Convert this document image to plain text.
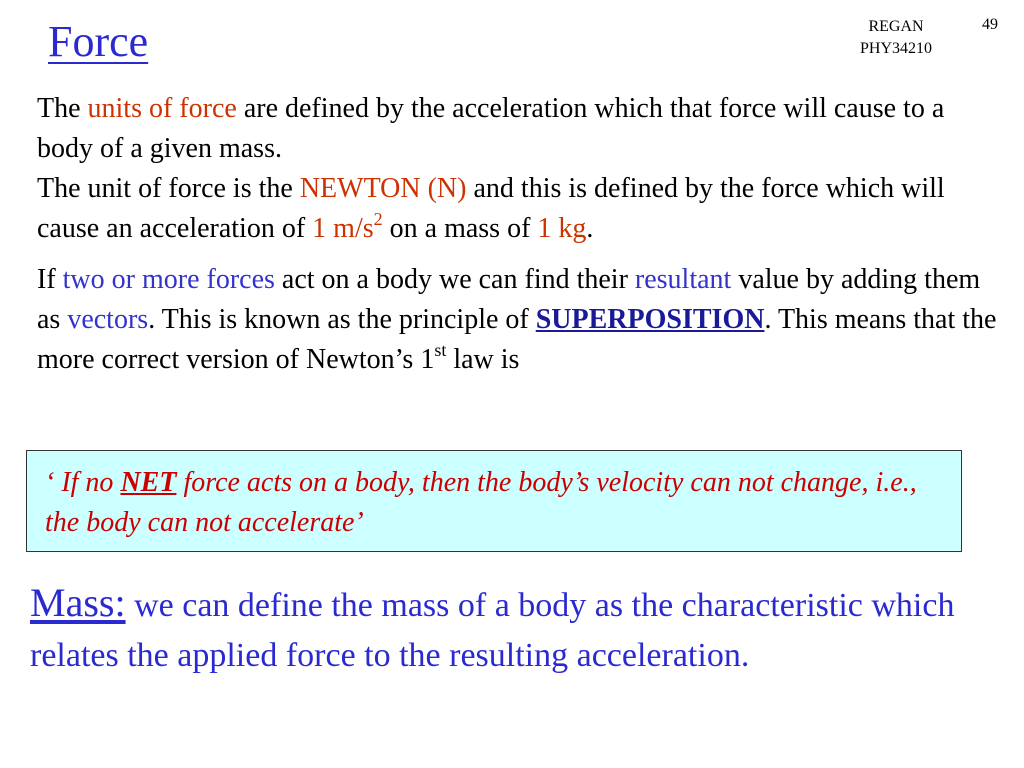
Force	REGAN
PHY34210
49
The units of force are defined by the acceleration which that force will cause to a body of a given mass.
The unit of force is the NEWTON (N) and this is defined by the force which will cause an acceleration of 1 $m/s^2$ on a mass of 1 kg.
If two or more forces act on a body we can find their resultant value by adding them as vectors. This is known as the principle of SUPERPOSITION. This means that the more correct version of Newton’s 1st law is
‘ If no NET force acts on a body, then the body’s velocity can not change, i.e., the body can not accelerate’
Mass: we can define the mass of a body as the characteristic which relates the applied force to the resulting acceleration.
